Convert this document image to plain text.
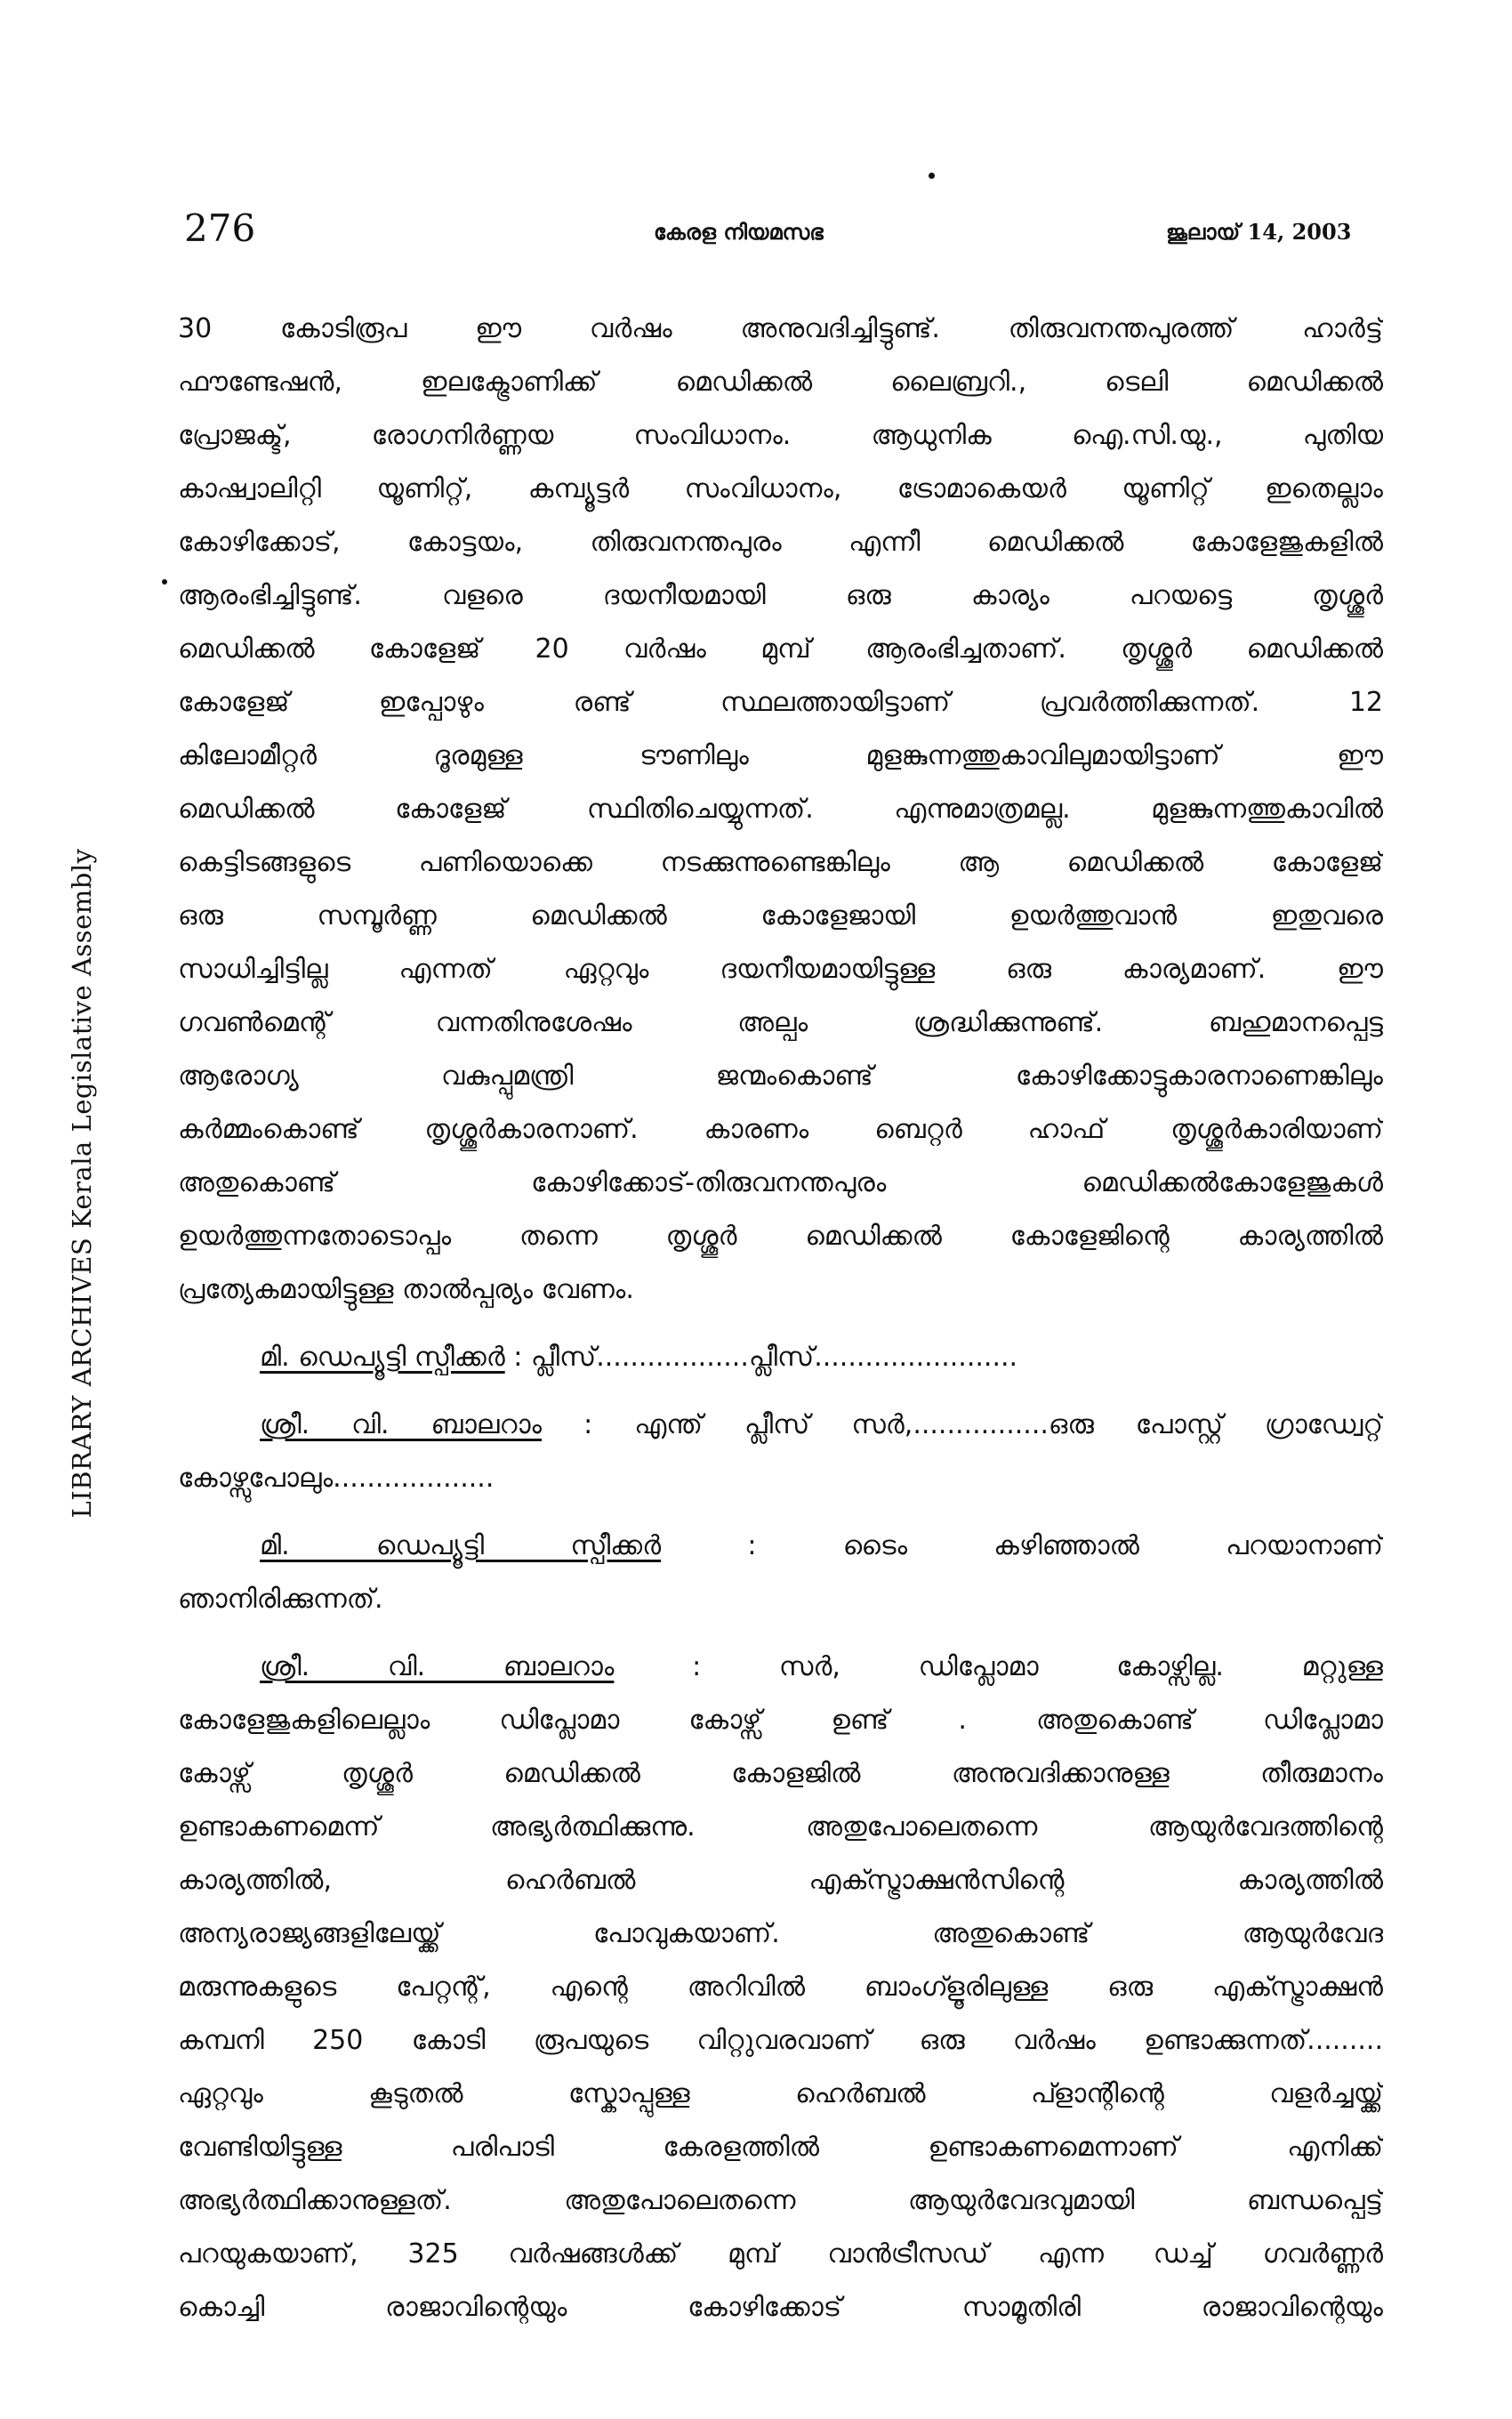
LIBRARY ARCHIVES Kerala Legislative Assembly
276	കേരള നിയമസഭ	ജൂലായ് 14, 2003
30 കോടിരൂപ ഈ വർഷം അനുവദിച്ചിട്ടുണ്ട്. തിരുവനന്തപുരത്ത് ഹാർട്ട്
ഫൗണ്ടേഷൻ, ഇലക്ട്രോണിക്ക് മെഡിക്കൽ ലൈബ്രറി., ടെലി മെഡിക്കൽ
പ്രോജക്ട്, രോഗനിർണ്ണയ സംവിധാനം. ആധുനിക ഐ.സി.യു., പുതിയ
കാഷ്വാലിറ്റി യൂണിറ്റ്, കമ്പ്യൂട്ടർ സംവിധാനം, ട്രോമാകെയർ യൂണിറ്റ് ഇതെല്ലാം
കോഴിക്കോട്, കോട്ടയം, തിരുവനന്തപുരം എന്നീ മെഡിക്കൽ കോളേജുകളിൽ
ആരംഭിച്ചിട്ടുണ്ട്. വളരെ ദയനീയമായി ഒരു കാര്യം പറയട്ടെ തൃശ്ശൂർ
മെഡിക്കൽ കോളേജ് 20 വർഷം മുമ്പ് ആരംഭിച്ചതാണ്. തൃശ്ശൂർ മെഡിക്കൽ
കോളേജ് ഇപ്പോഴും രണ്ട് സ്ഥലത്തായിട്ടാണ് പ്രവർത്തിക്കുന്നത്. 12
കിലോമീറ്റർ ദൂരമുള്ള ടൗണിലും മുളങ്കുന്നത്തുകാവിലുമായിട്ടാണ് ഈ
മെഡിക്കൽ കോളേജ് സ്ഥിതിചെയ്യുന്നത്. എന്നുമാത്രമല്ല. മുളങ്കുന്നത്തുകാവിൽ
കെട്ടിടങ്ങളുടെ പണിയൊക്കെ നടക്കുന്നുണ്ടെങ്കിലും ആ മെഡിക്കൽ കോളേജ്
ഒരു സമ്പൂർണ്ണ മെഡിക്കൽ കോളേജായി ഉയർത്തുവാൻ ഇതുവരെ
സാധിച്ചിട്ടില്ല എന്നത് ഏറ്റവും ദയനീയമായിട്ടുള്ള ഒരു കാര്യമാണ്. ഈ
ഗവൺമെന്റ് വന്നതിനുശേഷം അല്പം ശ്രദ്ധിക്കുന്നുണ്ട്. ബഹുമാനപ്പെട്ട
ആരോഗ്യ വകുപ്പുമന്ത്രി ജന്മംകൊണ്ട് കോഴിക്കോട്ടുകാരനാണെങ്കിലും
കർമ്മംകൊണ്ട് തൃശ്ശൂർകാരനാണ്. കാരണം ബെറ്റർ ഹാഫ് തൃശ്ശൂർകാരിയാണ്
അതുകൊണ്ട് കോഴിക്കോട്-തിരുവനന്തപുരം മെഡിക്കൽകോളേജുകൾ
ഉയർത്തുന്നതോടൊപ്പം തന്നെ തൃശ്ശൂർ മെഡിക്കൽ കോളേജിന്റെ കാര്യത്തിൽ
പ്രത്യേകമായിട്ടുള്ള താൽപ്പര്യം വേണം.
മി. ഡെപ്യൂട്ടി സ്പീക്കർ : പ്ലീസ്..................പ്ലീസ്........................
ശ്രീ. വി. ബാലറാം : എന്ത് പ്ലീസ് സർ,................ഒരു പോസ്റ്റ് ഗ്രാഡ്വേറ്റ്
കോഴ്സുപോലും...................
മി. ഡെപ്യൂട്ടി സ്പീക്കർ : ടൈം കഴിഞ്ഞാൽ പറയാനാണ്
ഞാനിരിക്കുന്നത്.
ശ്രീ. വി. ബാലറാം : സർ, ഡിപ്ലോമാ കോഴ്സില്ല. മറ്റുള്ള
കോളേജുകളിലെല്ലാം ഡിപ്ലോമാ കോഴ്സ് ഉണ്ട് . അതുകൊണ്ട് ഡിപ്ലോമാ
കോഴ്സ് തൃശ്ശൂർ മെഡിക്കൽ കോളജിൽ അനുവദിക്കാനുള്ള തീരുമാനം
ഉണ്ടാകണമെന്ന് അഭ്യർത്ഥിക്കുന്നു. അതുപോലെതന്നെ ആയുർവേദത്തിന്റെ
കാര്യത്തിൽ, ഹെർബൽ എക്സ്ട്രാക്ഷൻസിന്റെ കാര്യത്തിൽ
അന്യരാജ്യങ്ങളിലേയ്ക്ക് പോവുകയാണ്. അതുകൊണ്ട് ആയുർവേദ
മരുന്നുകളുടെ പേറ്റന്റ്, എന്റെ അറിവിൽ ബാംഗ്ളൂരിലുള്ള ഒരു എക്സ്ട്രാക്ഷൻ
കമ്പനി 250 കോടി രൂപയുടെ വിറ്റുവരവാണ് ഒരു വർഷം ഉണ്ടാക്കുന്നത്.........
ഏറ്റവും കൂടുതൽ സ്കോപ്പുള്ള ഹെർബൽ പ്ളാന്റിന്റെ വളർച്ചയ്ക്ക്
വേണ്ടിയിട്ടുള്ള പരിപാടി കേരളത്തിൽ ഉണ്ടാകണമെന്നാണ് എനിക്ക്
അഭ്യർത്ഥിക്കാനുള്ളത്. അതുപോലെതന്നെ ആയുർവേദവുമായി ബന്ധപ്പെട്ട്
പറയുകയാണ്, 325 വർഷങ്ങൾക്ക് മുമ്പ് വാൻട്രീസഡ് എന്ന ഡച്ച് ഗവർണ്ണർ
കൊച്ചി രാജാവിന്റെയും കോഴിക്കോട് സാമൂതിരി രാജാവിന്റെയും
